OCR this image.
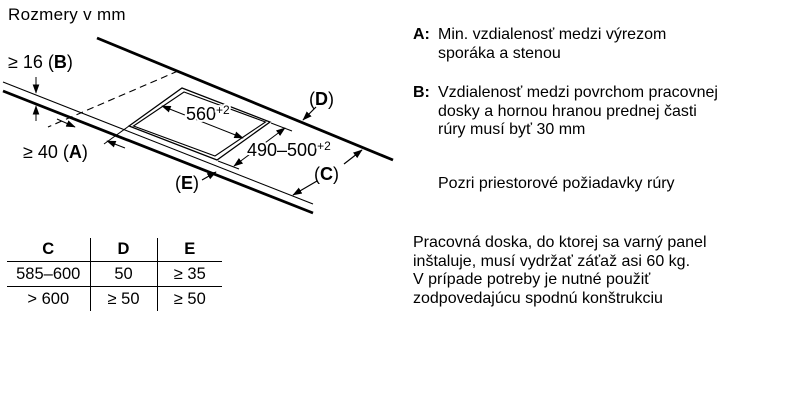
Rozmery v mm
≥ 16 (B)
≥ 40 (A)
(D)
(C)
(E)
$560^{+2}$
$490-500^{+2}$
C	D	E
585–600	50	≥ 35
> 600	≥ 50	≥ 50
A: Min. vzdialenosť medzi výrezom
sporáka a stenou
B: Vzdialenosť medzi povrchom pracovnej
dosky a hornou hranou prednej časti
rúry musí byť 30 mm
Pozri priestorové požiadavky rúry
Pracovná doska, do ktorej sa varný panel
inštaluje, musí vydržať záťaž asi 60 kg.
V prípade potreby je nutné použiť
zodpovedajúcu spodnú konštrukciu
